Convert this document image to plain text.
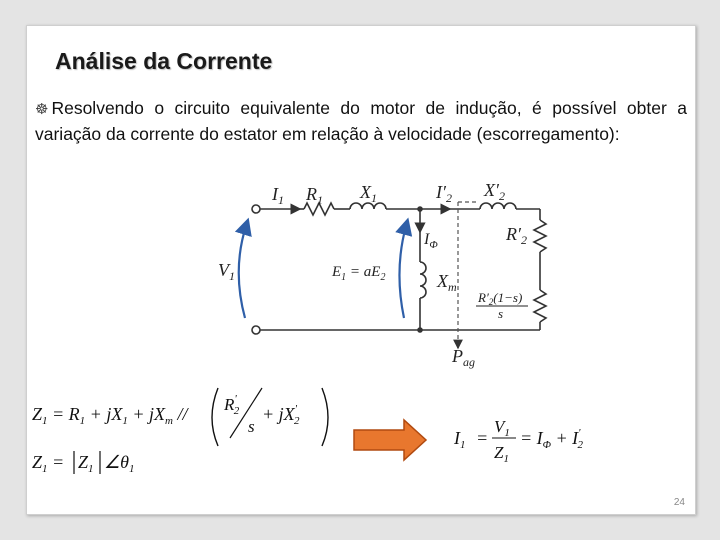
Análise da Corrente
☸ Resolvendo o circuito equivalente do motor de indução, é possível obter a variação da corrente do estator em relação à velocidade (escorregamento):
24
$I_1$ $R_1$ $X_1$	$I'_2$ $X'_2$
$R'_2$
$I_\Phi$
$V_1$	$E_1 = aE_2$	$X_m$
$R'_2(1-s)$
s
$P_{ag}$
$Z_1 = R_1 + jX_1 + jX_m // R'$ 2
s
+ jX' 2
$Z_1 = Z_1$ $\angle\theta_1$
$I_1$ =
$V_1$
$Z_1$
= $I_\Phi + I'$ 2
